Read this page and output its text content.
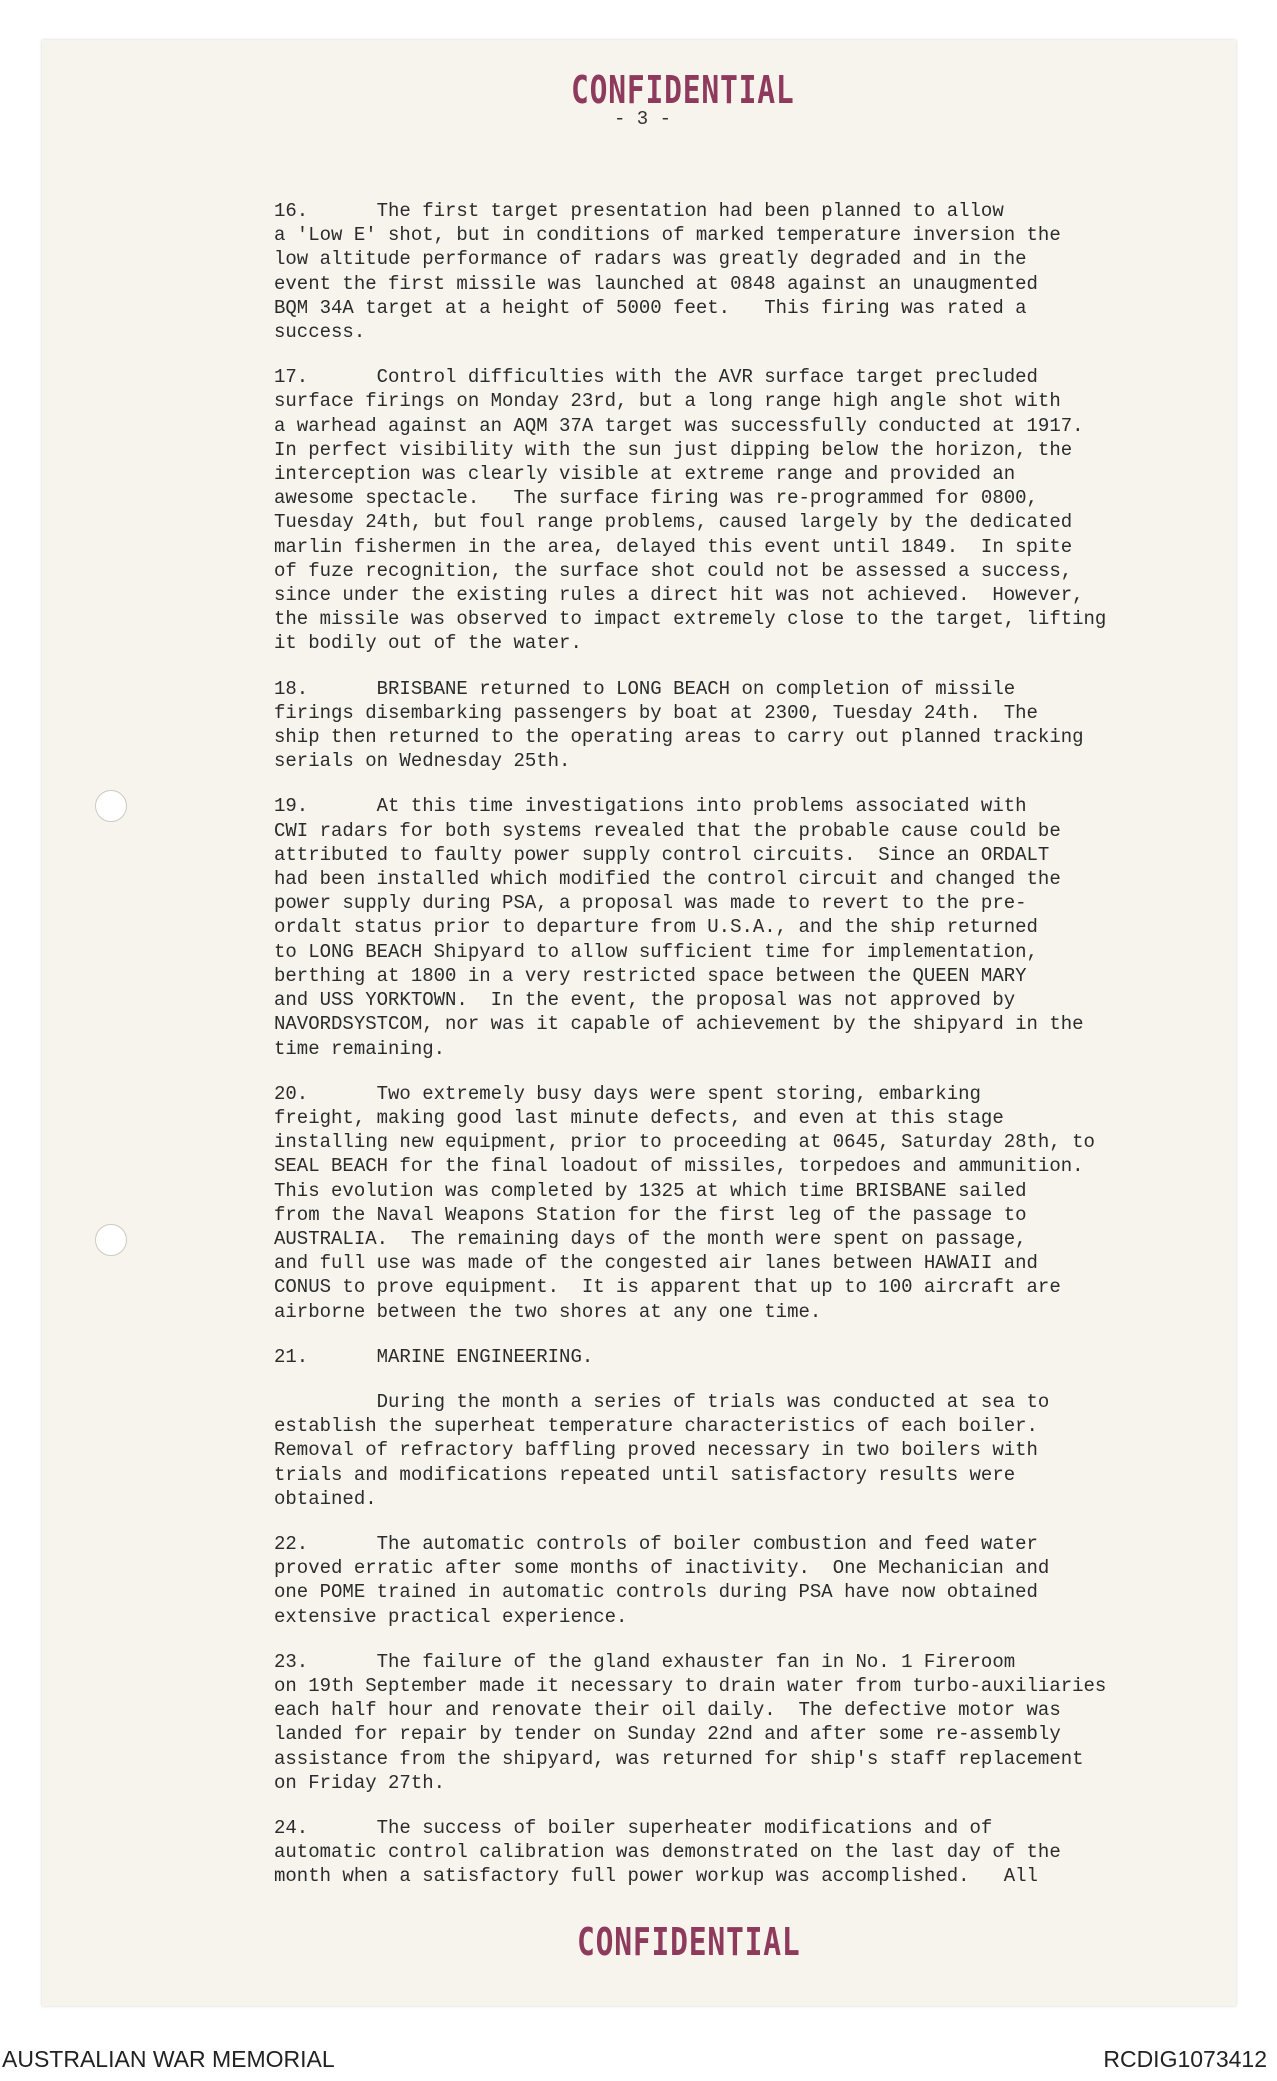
CONFIDENTIAL
- 3 -

16.      The first target presentation had been planned to allow
a 'Low E' shot, but in conditions of marked temperature inversion the
low altitude performance of radars was greatly degraded and in the
event the first missile was launched at 0848 against an unaugmented
BQM 34A target at a height of 5000 feet.   This firing was rated a
success.

17.      Control difficulties with the AVR surface target precluded
surface firings on Monday 23rd, but a long range high angle shot with
a warhead against an AQM 37A target was successfully conducted at 1917.
In perfect visibility with the sun just dipping below the horizon, the
interception was clearly visible at extreme range and provided an
awesome spectacle.   The surface firing was re-programmed for 0800,
Tuesday 24th, but foul range problems, caused largely by the dedicated
marlin fishermen in the area, delayed this event until 1849.  In spite
of fuze recognition, the surface shot could not be assessed a success,
since under the existing rules a direct hit was not achieved.  However,
the missile was observed to impact extremely close to the target, lifting
it bodily out of the water.

18.      BRISBANE returned to LONG BEACH on completion of missile
firings disembarking passengers by boat at 2300, Tuesday 24th.  The
ship then returned to the operating areas to carry out planned tracking
serials on Wednesday 25th.

19.      At this time investigations into problems associated with
CWI radars for both systems revealed that the probable cause could be
attributed to faulty power supply control circuits.  Since an ORDALT
had been installed which modified the control circuit and changed the
power supply during PSA, a proposal was made to revert to the pre-
ordalt status prior to departure from U.S.A., and the ship returned
to LONG BEACH Shipyard to allow sufficient time for implementation,
berthing at 1800 in a very restricted space between the QUEEN MARY
and USS YORKTOWN.  In the event, the proposal was not approved by
NAVORDSYSTCOM, nor was it capable of achievement by the shipyard in the
time remaining.

20.      Two extremely busy days were spent storing, embarking
freight, making good last minute defects, and even at this stage
installing new equipment, prior to proceeding at 0645, Saturday 28th, to
SEAL BEACH for the final loadout of missiles, torpedoes and ammunition.
This evolution was completed by 1325 at which time BRISBANE sailed
from the Naval Weapons Station for the first leg of the passage to
AUSTRALIA.  The remaining days of the month were spent on passage,
and full use was made of the congested air lanes between HAWAII and
CONUS to prove equipment.  It is apparent that up to 100 aircraft are
airborne between the two shores at any one time.

21.      MARINE ENGINEERING.

During the month a series of trials was conducted at sea to
establish the superheat temperature characteristics of each boiler.
Removal of refractory baffling proved necessary in two boilers with
trials and modifications repeated until satisfactory results were
obtained.

22.      The automatic controls of boiler combustion and feed water
proved erratic after some months of inactivity.  One Mechanician and
one POME trained in automatic controls during PSA have now obtained
extensive practical experience.

23.      The failure of the gland exhauster fan in No. 1 Fireroom
on 19th September made it necessary to drain water from turbo-auxiliaries
each half hour and renovate their oil daily.  The defective motor was
landed for repair by tender on Sunday 22nd and after some re-assembly
assistance from the shipyard, was returned for ship's staff replacement
on Friday 27th.

24.      The success of boiler superheater modifications and of
automatic control calibration was demonstrated on the last day of the
month when a satisfactory full power workup was accomplished.   All

CONFIDENTIAL
AUSTRALIAN WAR MEMORIAL	RCDIG1073412
